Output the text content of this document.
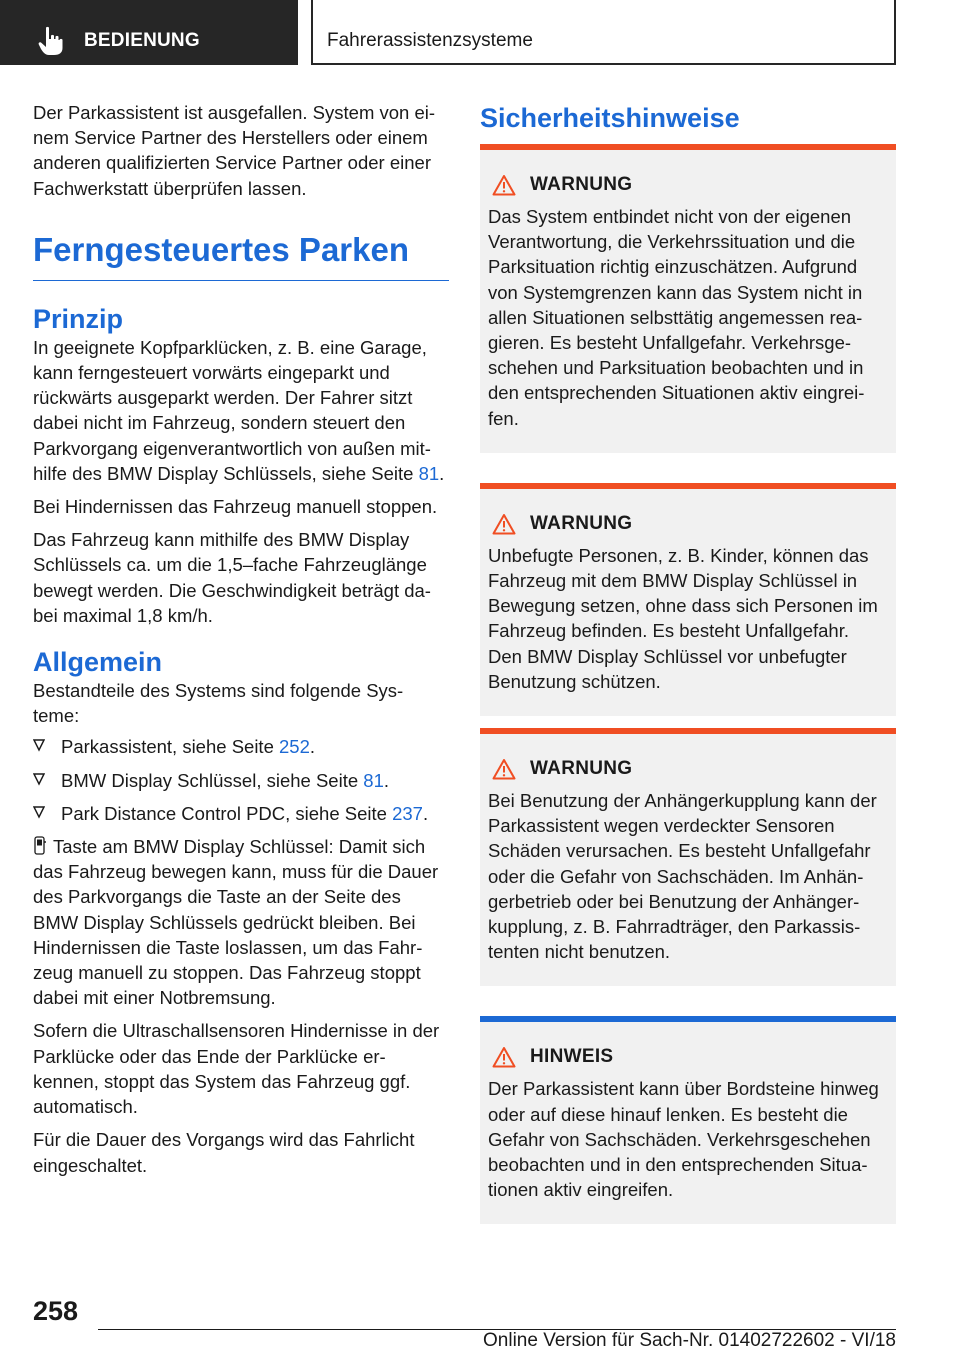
BEDIENUNG	Fahrerassistenzsysteme

Der Parkassistent ist ausgefallen. System von ei-nem Service Partner des Herstellers oder einem anderen qualifizierten Service Partner oder einer Fachwerkstatt überprüfen lassen.

Ferngesteuertes Parken
Prinzip

In geeignete Kopfparklücken, z. B. eine Garage, kann ferngesteuert vorwärts eingeparkt und rückwärts ausgeparkt werden. Der Fahrer sitzt dabei nicht im Fahrzeug, sondern steuert den Parkvorgang eigenverantwortlich von außen mit-hilfe des BMW Display Schlüssels, siehe Seite 81.

Bei Hindernissen das Fahrzeug manuell stoppen.

Das Fahrzeug kann mithilfe des BMW Display Schlüssels ca. um die 1,5–fache Fahrzeuglänge bewegt werden. Die Geschwindigkeit beträgt da-bei maximal 1,8 km/h.

Allgemein

Bestandteile des Systems sind folgende Sys-teme:

Parkassistent, siehe Seite 252.
BMW Display Schlüssel, siehe Seite 81.
Park Distance Control PDC, siehe Seite 237.

Taste am BMW Display Schlüssel: Damit sich das Fahrzeug bewegen kann, muss für die Dauer des Parkvorgangs die Taste an der Seite des BMW Display Schlüssels gedrückt bleiben. Bei Hindernissen die Taste loslassen, um das Fahr-zeug manuell zu stoppen. Das Fahrzeug stoppt dabei mit einer Notbremsung.

Sofern die Ultraschallsensoren Hindernisse in der Parklücke oder das Ende der Parklücke er-kennen, stoppt das System das Fahrzeug ggf. automatisch.

Für die Dauer des Vorgangs wird das Fahrlicht eingeschaltet.

Sicherheitshinweise
WARNUNG

Das System entbindet nicht von der eigenen Verantwortung, die Verkehrssituation und die Parksituation richtig einzuschätzen. Aufgrund von Systemgrenzen kann das System nicht in allen Situationen selbsttätig angemessen rea-gieren. Es besteht Unfallgefahr. Verkehrsge-schehen und Parksituation beobachten und in den entsprechenden Situationen aktiv eingrei-fen.

WARNUNG

Unbefugte Personen, z. B. Kinder, können das Fahrzeug mit dem BMW Display Schlüssel in Bewegung setzen, ohne dass sich Personen im Fahrzeug befinden. Es besteht Unfallgefahr. Den BMW Display Schlüssel vor unbefugter Benutzung schützen.

WARNUNG

Bei Benutzung der Anhängerkupplung kann der Parkassistent wegen verdeckter Sensoren Schäden verursachen. Es besteht Unfallgefahr oder die Gefahr von Sachschäden. Im Anhän-gerbetrieb oder bei Benutzung der Anhänger-kupplung, z. B. Fahrradträger, den Parkassis-tenten nicht benutzen.

HINWEIS

Der Parkassistent kann über Bordsteine hinweg oder auf diese hinauf lenken. Es besteht die Gefahr von Sachschäden. Verkehrsgeschehen beobachten und in den entsprechenden Situa-tionen aktiv eingreifen.

258
Online Version für Sach-Nr. 01402722602 - VI/18
